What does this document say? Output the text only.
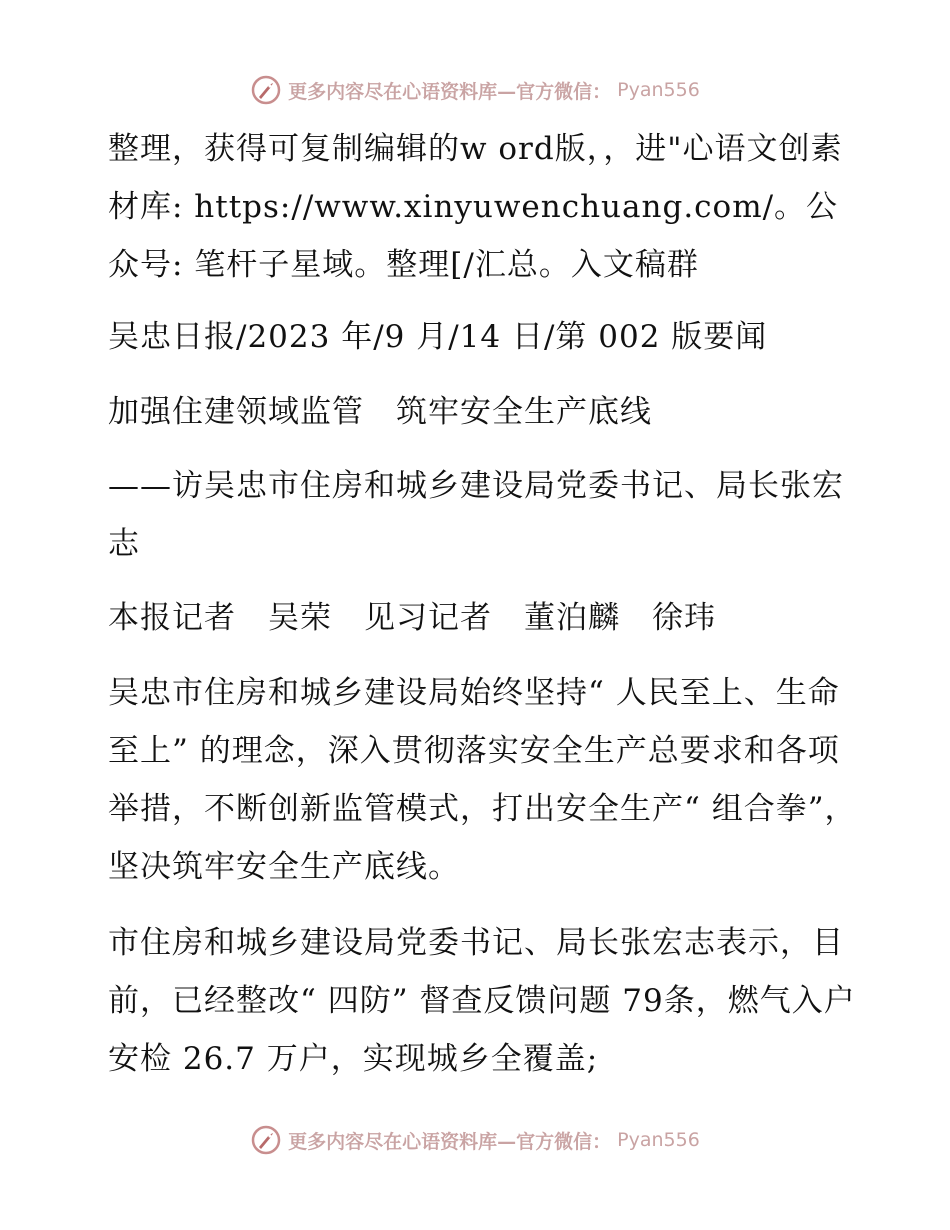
更多内容尽在心语资料库—官方微信： Pyan556

整理，获得可复制编辑的w ord版，，进"心语文创素材库: https://www.xinyuwenchuang.com/。公众号: 笔杆子星域。整理[/汇总。入文稿群

吴忠日报/2023 年/9 月/14 日/第 002 版要闻

加强住建领域监管　筑牢安全生产底线

——访吴忠市住房和城乡建设局党委书记、局长张宏志

本报记者　吴荣　见习记者　董泊麟　徐玮

吴忠市住房和城乡建设局始终坚持“ 人民至上、生命至上” 的理念，深入贯彻落实安全生产总要求和各项举措，不断创新监管模式，打出安全生产“ 组合拳”，坚决筑牢安全生产底线。

市住房和城乡建设局党委书记、局长张宏志表示，目前，已经整改“ 四防” 督查反馈问题 79条，燃气入户安检 26.7 万户，实现城乡全覆盖;

更多内容尽在心语资料库—官方微信： Pyan556
